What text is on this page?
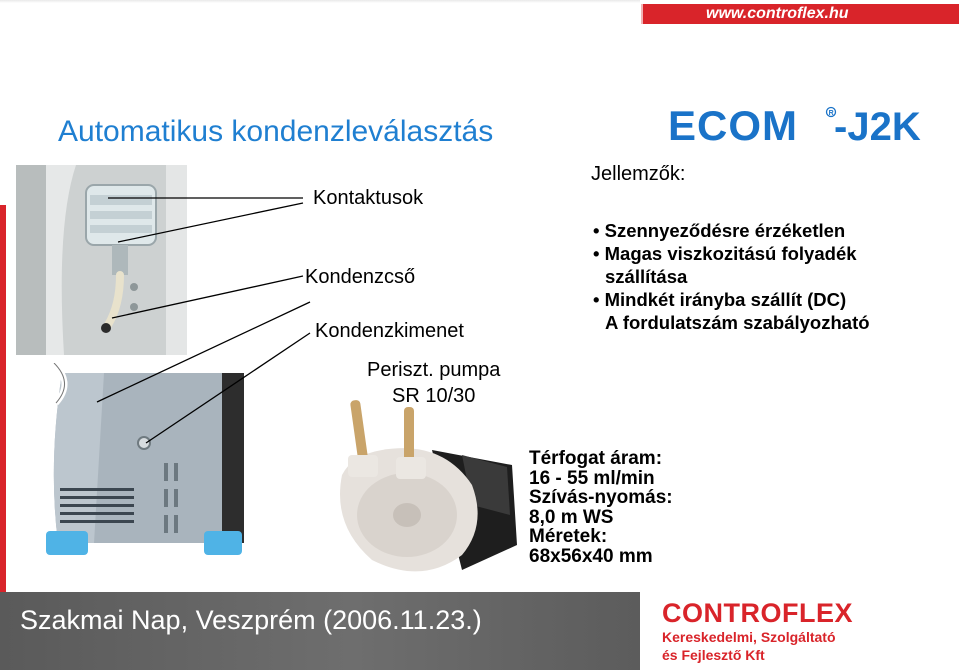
www.controflex.hu
Automatikus kondenzleválasztás	ECOM	R -J2K
Kontaktusok
Kondenzcső
Kondenzkimenet
Periszt. pumpa
SR 10/30
Jellemzők:
• Szennyeződésre érzéketlen
• Magas viszkozitású folyadék
szállítása
• Mindkét irányba szállít (DC)
A fordulatszám szabályozható
Térfogat áram:
16 - 55 ml/min
Szívás-nyomás:
8,0 m WS
Méretek:
68x56x40 mm
Szakmai Nap, Veszprém (2006.11.23.)	CONTROFLEX
Kereskedelmi, Szolgáltató
és Fejlesztő Kft
